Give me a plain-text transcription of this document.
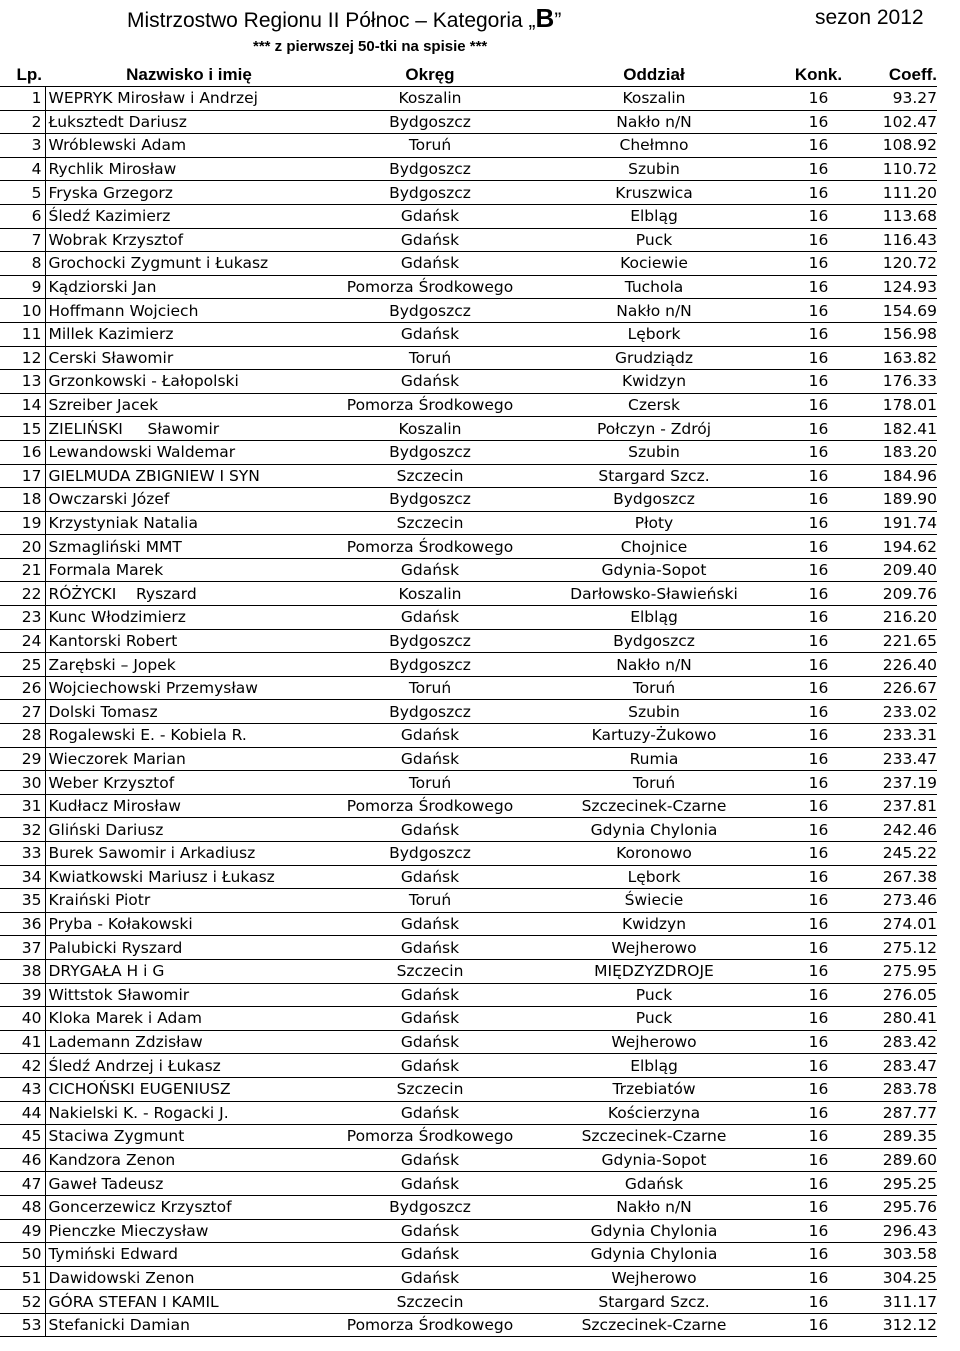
Mistrzostwo Regionu II Północ – Kategoria „B”	sezon 2012
*** z pierwszej 50-tki na spisie ***
Lp.	Nazwisko i imię	Okręg	Oddział	Konk.	Coeff.
1	WEPRYK Mirosław i Andrzej	Koszalin	Koszalin	16	93.27
2	Łuksztedt Dariusz	Bydgoszcz	Nakło n/N	16	102.47
3	Wróblewski Adam	Toruń	Chełmno	16	108.92
4	Rychlik Mirosław	Bydgoszcz	Szubin	16	110.72
5	Fryska Grzegorz	Bydgoszcz	Kruszwica	16	111.20
6	Śledź Kazimierz	Gdańsk	Elbląg	16	113.68
7	Wobrak Krzysztof	Gdańsk	Puck	16	116.43
8	Grochocki Zygmunt i Łukasz	Gdańsk	Kociewie	16	120.72
9	Kądziorski Jan	Pomorza Środkowego	Tuchola	16	124.93
10	Hoffmann Wojciech	Bydgoszcz	Nakło n/N	16	154.69
11	Millek Kazimierz	Gdańsk	Lębork	16	156.98
12	Cerski Sławomir	Toruń	Grudziądz	16	163.82
13	Grzonkowski - Łałopolski	Gdańsk	Kwidzyn	16	176.33
14	Szreiber Jacek	Pomorza Środkowego	Czersk	16	178.01
15	ZIELIŃSKI     Sławomir	Koszalin	Połczyn - Zdrój	16	182.41
16	Lewandowski Waldemar	Bydgoszcz	Szubin	16	183.20
17	GIELMUDA ZBIGNIEW I SYN	Szczecin	Stargard Szcz.	16	184.96
18	Owczarski Józef	Bydgoszcz	Bydgoszcz	16	189.90
19	Krzystyniak Natalia	Szczecin	Płoty	16	191.74
20	Szmagliński MMT	Pomorza Środkowego	Chojnice	16	194.62
21	Formala Marek	Gdańsk	Gdynia-Sopot	16	209.40
22	RÓŻYCKI    Ryszard	Koszalin	Darłowsko-Sławieński	16	209.76
23	Kunc Włodzimierz	Gdańsk	Elbląg	16	216.20
24	Kantorski Robert	Bydgoszcz	Bydgoszcz	16	221.65
25	Zarębski – Jopek	Bydgoszcz	Nakło n/N	16	226.40
26	Wojciechowski Przemysław	Toruń	Toruń	16	226.67
27	Dolski Tomasz	Bydgoszcz	Szubin	16	233.02
28	Rogalewski E. - Kobiela R.	Gdańsk	Kartuzy-Żukowo	16	233.31
29	Wieczorek Marian	Gdańsk	Rumia	16	233.47
30	Weber Krzysztof	Toruń	Toruń	16	237.19
31	Kudłacz Mirosław	Pomorza Środkowego	Szczecinek-Czarne	16	237.81
32	Gliński Dariusz	Gdańsk	Gdynia Chylonia	16	242.46
33	Burek Sawomir i Arkadiusz	Bydgoszcz	Koronowo	16	245.22
34	Kwiatkowski Mariusz i Łukasz	Gdańsk	Lębork	16	267.38
35	Kraiński Piotr	Toruń	Świecie	16	273.46
36	Pryba - Kołakowski	Gdańsk	Kwidzyn	16	274.01
37	Palubicki Ryszard	Gdańsk	Wejherowo	16	275.12
38	DRYGAŁA H i G	Szczecin	MIĘDZYZDROJE	16	275.95
39	Wittstok Sławomir	Gdańsk	Puck	16	276.05
40	Kloka Marek i Adam	Gdańsk	Puck	16	280.41
41	Lademann Zdzisław	Gdańsk	Wejherowo	16	283.42
42	Śledź Andrzej i Łukasz	Gdańsk	Elbląg	16	283.47
43	CICHOŃSKI EUGENIUSZ	Szczecin	Trzebiatów	16	283.78
44	Nakielski K. - Rogacki J.	Gdańsk	Kościerzyna	16	287.77
45	Staciwa Zygmunt	Pomorza Środkowego	Szczecinek-Czarne	16	289.35
46	Kandzora Zenon	Gdańsk	Gdynia-Sopot	16	289.60
47	Gaweł Tadeusz	Gdańsk	Gdańsk	16	295.25
48	Goncerzewicz Krzysztof	Bydgoszcz	Nakło n/N	16	295.76
49	Pienczke Mieczysław	Gdańsk	Gdynia Chylonia	16	296.43
50	Tymiński Edward	Gdańsk	Gdynia Chylonia	16	303.58
51	Dawidowski Zenon	Gdańsk	Wejherowo	16	304.25
52	GÓRA STEFAN I KAMIL	Szczecin	Stargard Szcz.	16	311.17
53	Stefanicki Damian	Pomorza Środkowego	Szczecinek-Czarne	16	312.12
